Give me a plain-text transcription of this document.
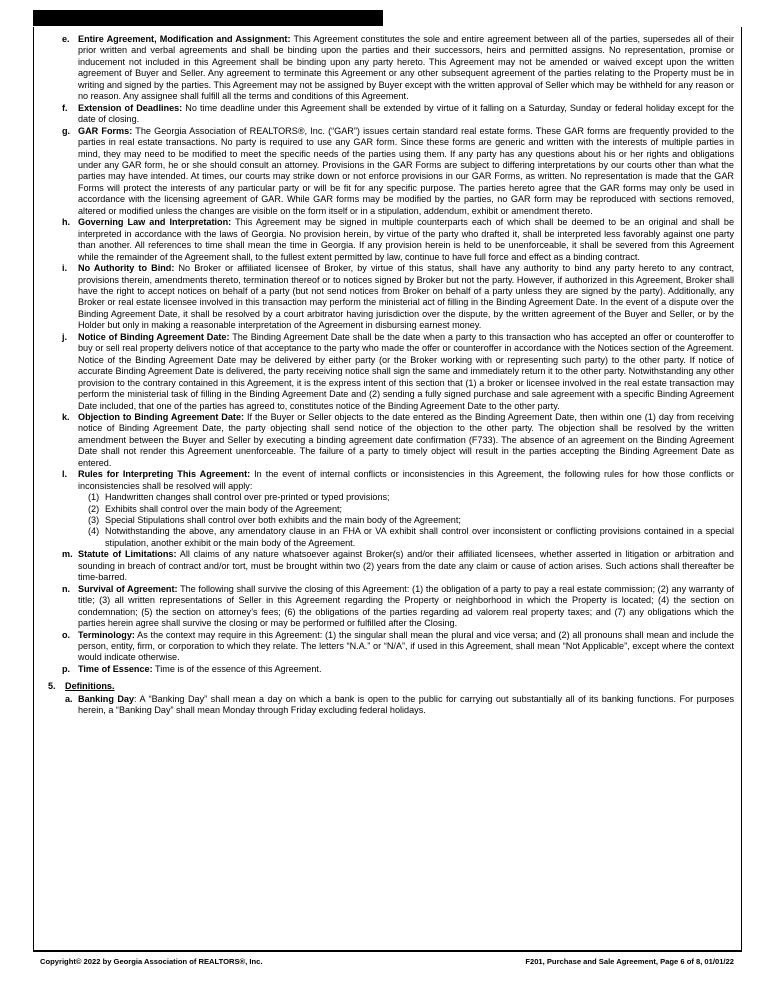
e. Entire Agreement, Modification and Assignment: This Agreement constitutes the sole and entire agreement between all of the parties, supersedes all of their prior written and verbal agreements and shall be binding upon the parties and their successors, heirs and permitted assigns. No representation, promise or inducement not included in this Agreement shall be binding upon any party hereto. This Agreement may not be amended or waived except upon the written agreement of Buyer and Seller. Any agreement to terminate this Agreement or any other subsequent agreement of the parties relating to the Property must be in writing and signed by the parties. This Agreement may not be assigned by Buyer except with the written approval of Seller which may be withheld for any reason or no reason. Any assignee shall fulfill all the terms and conditions of this Agreement.
f. Extension of Deadlines: No time deadline under this Agreement shall be extended by virtue of it falling on a Saturday, Sunday or federal holiday except for the date of closing.
g. GAR Forms: The Georgia Association of REALTORS®, Inc. (“GAR”) issues certain standard real estate forms. These GAR forms are frequently provided to the parties in real estate transactions. No party is required to use any GAR form. Since these forms are generic and written with the interests of multiple parties in mind, they may need to be modified to meet the specific needs of the parties using them. If any party has any questions about his or her rights and obligations under any GAR form, he or she should consult an attorney. Provisions in the GAR Forms are subject to differing interpretations by our courts other than what the parties may have intended. At times, our courts may strike down or not enforce provisions in our GAR Forms, as written. No representation is made that the GAR Forms will protect the interests of any particular party or will be fit for any specific purpose. The parties hereto agree that the GAR forms may only be used in accordance with the licensing agreement of GAR. While GAR forms may be modified by the parties, no GAR form may be reproduced with sections removed, altered or modified unless the changes are visible on the form itself or in a stipulation, addendum, exhibit or amendment thereto.
h. Governing Law and Interpretation: This Agreement may be signed in multiple counterparts each of which shall be deemed to be an original and shall be interpreted in accordance with the laws of Georgia. No provision herein, by virtue of the party who drafted it, shall be interpreted less favorably against one party than another. All references to time shall mean the time in Georgia. If any provision herein is held to be unenforceable, it shall be severed from this Agreement while the remainder of the Agreement shall, to the fullest extent permitted by law, continue to have full force and effect as a binding contract.
i. No Authority to Bind: No Broker or affiliated licensee of Broker, by virtue of this status, shall have any authority to bind any party hereto to any contract, provisions therein, amendments thereto, termination thereof or to notices signed by Broker but not the party. However, if authorized in this Agreement, Broker shall have the right to accept notices on behalf of a party (but not send notices from Broker on behalf of a party unless they are signed by the party). Additionally, any Broker or real estate licensee involved in this transaction may perform the ministerial act of filling in the Binding Agreement Date. In the event of a dispute over the Binding Agreement Date, it shall be resolved by a court arbitrator having jurisdiction over the dispute, by the written agreement of the Buyer and Seller, or by the Holder but only in making a reasonable interpretation of the Agreement in disbursing earnest money.
j. Notice of Binding Agreement Date: The Binding Agreement Date shall be the date when a party to this transaction who has accepted an offer or counteroffer to buy or sell real property delivers notice of that acceptance to the party who made the offer or counteroffer in accordance with the Notices section of the Agreement. Notice of the Binding Agreement Date may be delivered by either party (or the Broker working with or representing such party) to the other party. If notice of accurate Binding Agreement Date is delivered, the party receiving notice shall sign the same and immediately return it to the other party. Notwithstanding any other provision to the contrary contained in this Agreement, it is the express intent of this section that (1) a broker or licensee involved in the real estate transaction may perform the ministerial task of filling in the Binding Agreement Date and (2) sending a fully signed purchase and sale agreement with a specific Binding Agreement Date included, that one of the parties has agreed to, constitutes notice of the Binding Agreement Date to the other party.
k. Objection to Binding Agreement Date: If the Buyer or Seller objects to the date entered as the Binding Agreement Date, then within one (1) day from receiving notice of Binding Agreement Date, the party objecting shall send notice of the objection to the other party. The objection shall be resolved by the written amendment between the Buyer and Seller by executing a binding agreement date confirmation (F733). The absence of an agreement on the Binding Agreement Date shall not render this Agreement unenforceable. The failure of a party to timely object will result in the parties accepting the Binding Agreement Date as entered.
l. Rules for Interpreting This Agreement: In the event of internal conflicts or inconsistencies in this Agreement, the following rules for how those conflicts or inconsistencies shall be resolved will apply:
(1) Handwritten changes shall control over pre-printed or typed provisions;
(2) Exhibits shall control over the main body of the Agreement;
(3) Special Stipulations shall control over both exhibits and the main body of the Agreement;
(4) Notwithstanding the above, any amendatory clause in an FHA or VA exhibit shall control over inconsistent or conflicting provisions contained in a special stipulation, another exhibit or the main body of the Agreement.
m. Statute of Limitations: All claims of any nature whatsoever against Broker(s) and/or their affiliated licensees, whether asserted in litigation or arbitration and sounding in breach of contract and/or tort, must be brought within two (2) years from the date any claim or cause of action arises. Such actions shall thereafter be time-barred.
n. Survival of Agreement: The following shall survive the closing of this Agreement: (1) the obligation of a party to pay a real estate commission; (2) any warranty of title; (3) all written representations of Seller in this Agreement regarding the Property or neighborhood in which the Property is located; (4) the section on condemnation; (5) the section on attorney’s fees; (6) the obligations of the parties regarding ad valorem real property taxes; and (7) any obligations which the parties herein agree shall survive the closing or may be performed or fulfilled after the Closing.
o. Terminology: As the context may require in this Agreement: (1) the singular shall mean the plural and vice versa; and (2) all pronouns shall mean and include the person, entity, firm, or corporation to which they relate. The letters “N.A.” or “N/A”, if used in this Agreement, shall mean “Not Applicable”, except where the context would indicate otherwise.
p. Time of Essence: Time is of the essence of this Agreement.
5. Definitions.
a. Banking Day: A “Banking Day” shall mean a day on which a bank is open to the public for carrying out substantially all of its banking functions. For purposes herein, a “Banking Day” shall mean Monday through Friday excluding federal holidays.
Copyright© 2022 by Georgia Association of REALTORS®, Inc.	F201, Purchase and Sale Agreement, Page 6 of 8, 01/01/22
